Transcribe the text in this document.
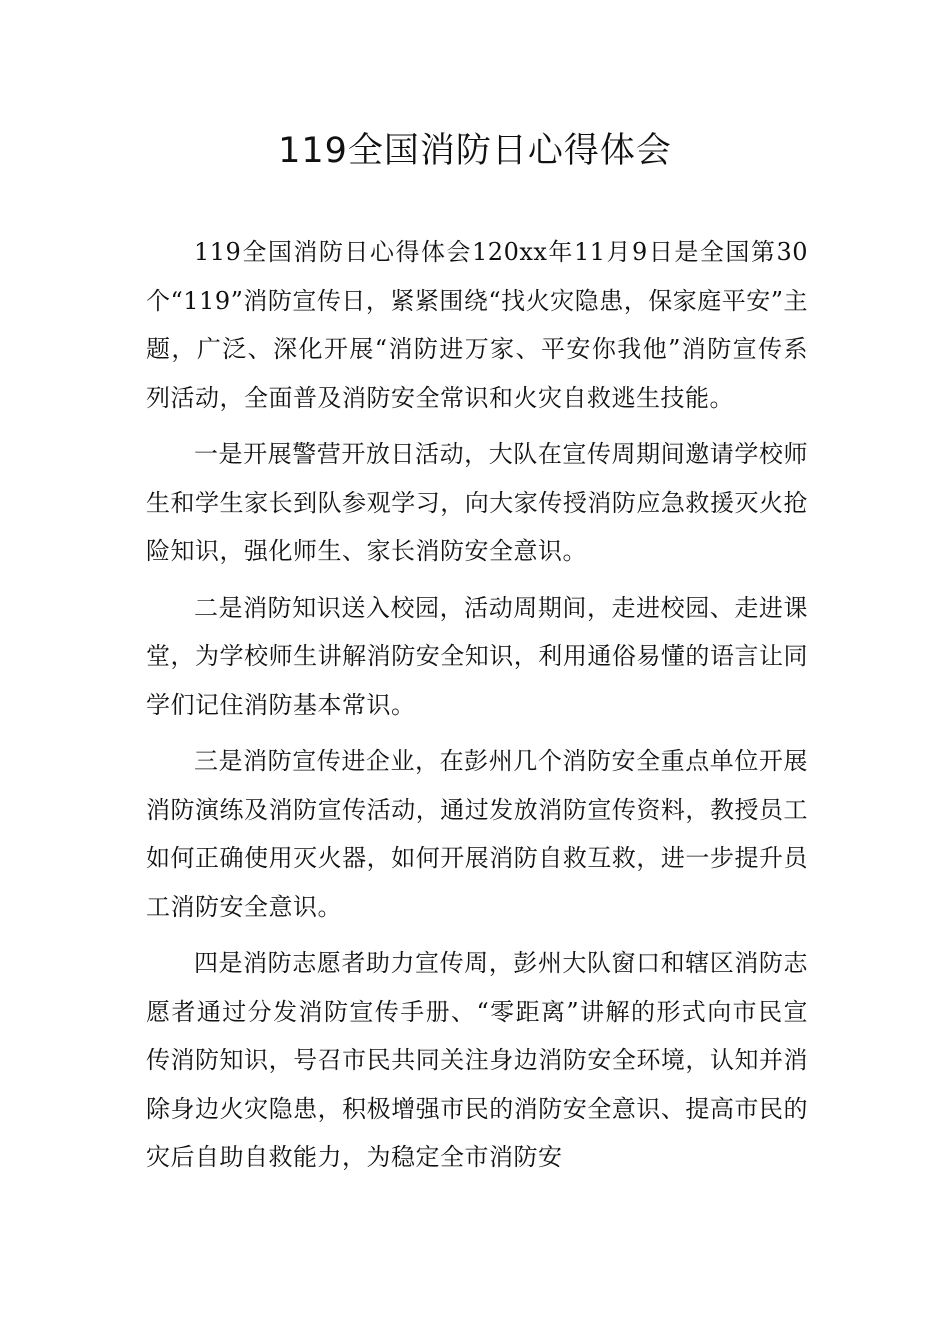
119全国消防日心得体会

119全国消防日心得体会120xx年11月9日是全国第30个“119”消防宣传日，紧紧围绕“找火灾隐患，保家庭平安”主题，广泛、深化开展“消防进万家、平安你我他”消防宣传系列活动，全面普及消防安全常识和火灾自救逃生技能。

一是开展警营开放日活动，大队在宣传周期间邀请学校师生和学生家长到队参观学习，向大家传授消防应急救援灭火抢险知识，强化师生、家长消防安全意识。

二是消防知识送入校园，活动周期间，走进校园、走进课堂，为学校师生讲解消防安全知识，利用通俗易懂的语言让同学们记住消防基本常识。

三是消防宣传进企业，在彭州几个消防安全重点单位开展消防演练及消防宣传活动，通过发放消防宣传资料，教授员工如何正确使用灭火器，如何开展消防自救互救，进一步提升员工消防安全意识。

四是消防志愿者助力宣传周，彭州大队窗口和辖区消防志愿者通过分发消防宣传手册、“零距离”讲解的形式向市民宣传消防知识，号召市民共同关注身边消防安全环境，认知并消除身边火灾隐患，积极增强市民的消防安全意识、提高市民的灾后自助自救能力，为稳定全市消防安
